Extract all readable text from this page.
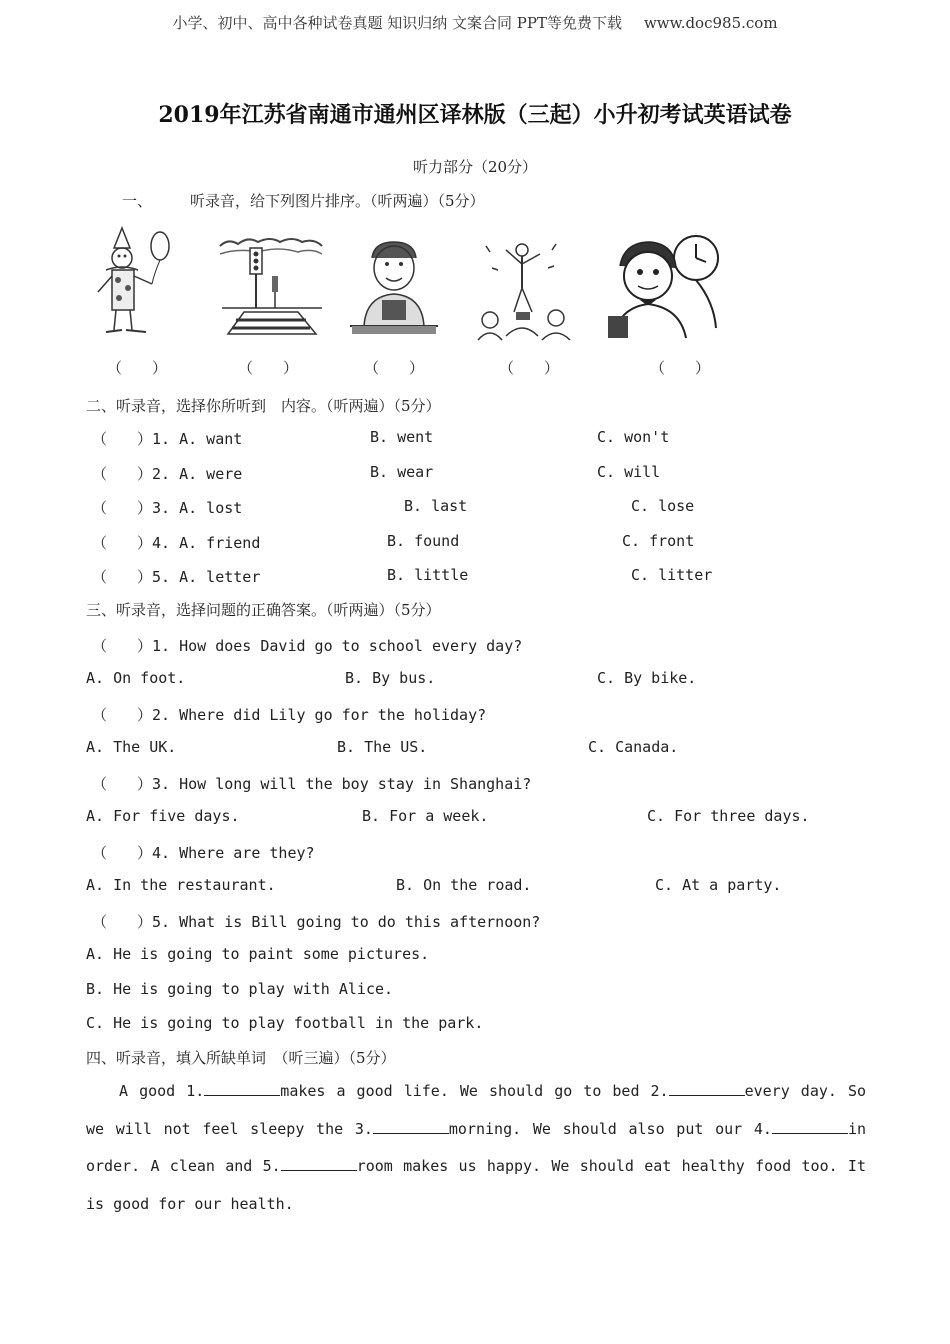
小学、初中、高中各种试卷真题 知识归纳 文案合同 PPT等免费下载 www.doc985.com
2019年江苏省南通市通州区译林版（三起）小升初考试英语试卷
听力部分（20分）
一、	听录音，给下列图片排序。（听两遍）（5分）
（　　）	（　　）	（　　）	（　　）	（　　）
二、听录音，选择你所听到　内容。（听两遍）（5分）
（　　）1. A. want	B. went	C. won't
（　　）2. A. were	B. wear	C. will
（　　）3. A. lost	B. last	C. lose
（　　）4. A. friend	B. found	C. front
（　　）5. A. letter	B. little	C. litter
三、听录音，选择问题的正确答案。（听两遍）（5分）
（　　）1. How does David go to school every day?
A. On foot.	B. By bus.	C. By bike.
（　　）2. Where did Lily go for the holiday?
A. The UK.	B. The US.	C. Canada.
（　　）3. How long will the boy stay in Shanghai?
A. For five days.	B. For a week.	C. For three days.
（　　）4. Where are they?
A. In the restaurant.	B. On the road.	C. At a party.
（　　）5. What is Bill going to do this afternoon?
A. He is going to paint some pictures.
B. He is going to play with Alice.
C. He is going to play football in the park.
四、听录音，填入所缺单词　（听三遍）（5分）
A good 1.	makes a good life. We should go to bed 2.	every day. So we will not feel sleepy the 3.	morning. We should also put our 4.	in order. A clean and 5.	room makes us happy. We should eat healthy food too. It is good for our health.
